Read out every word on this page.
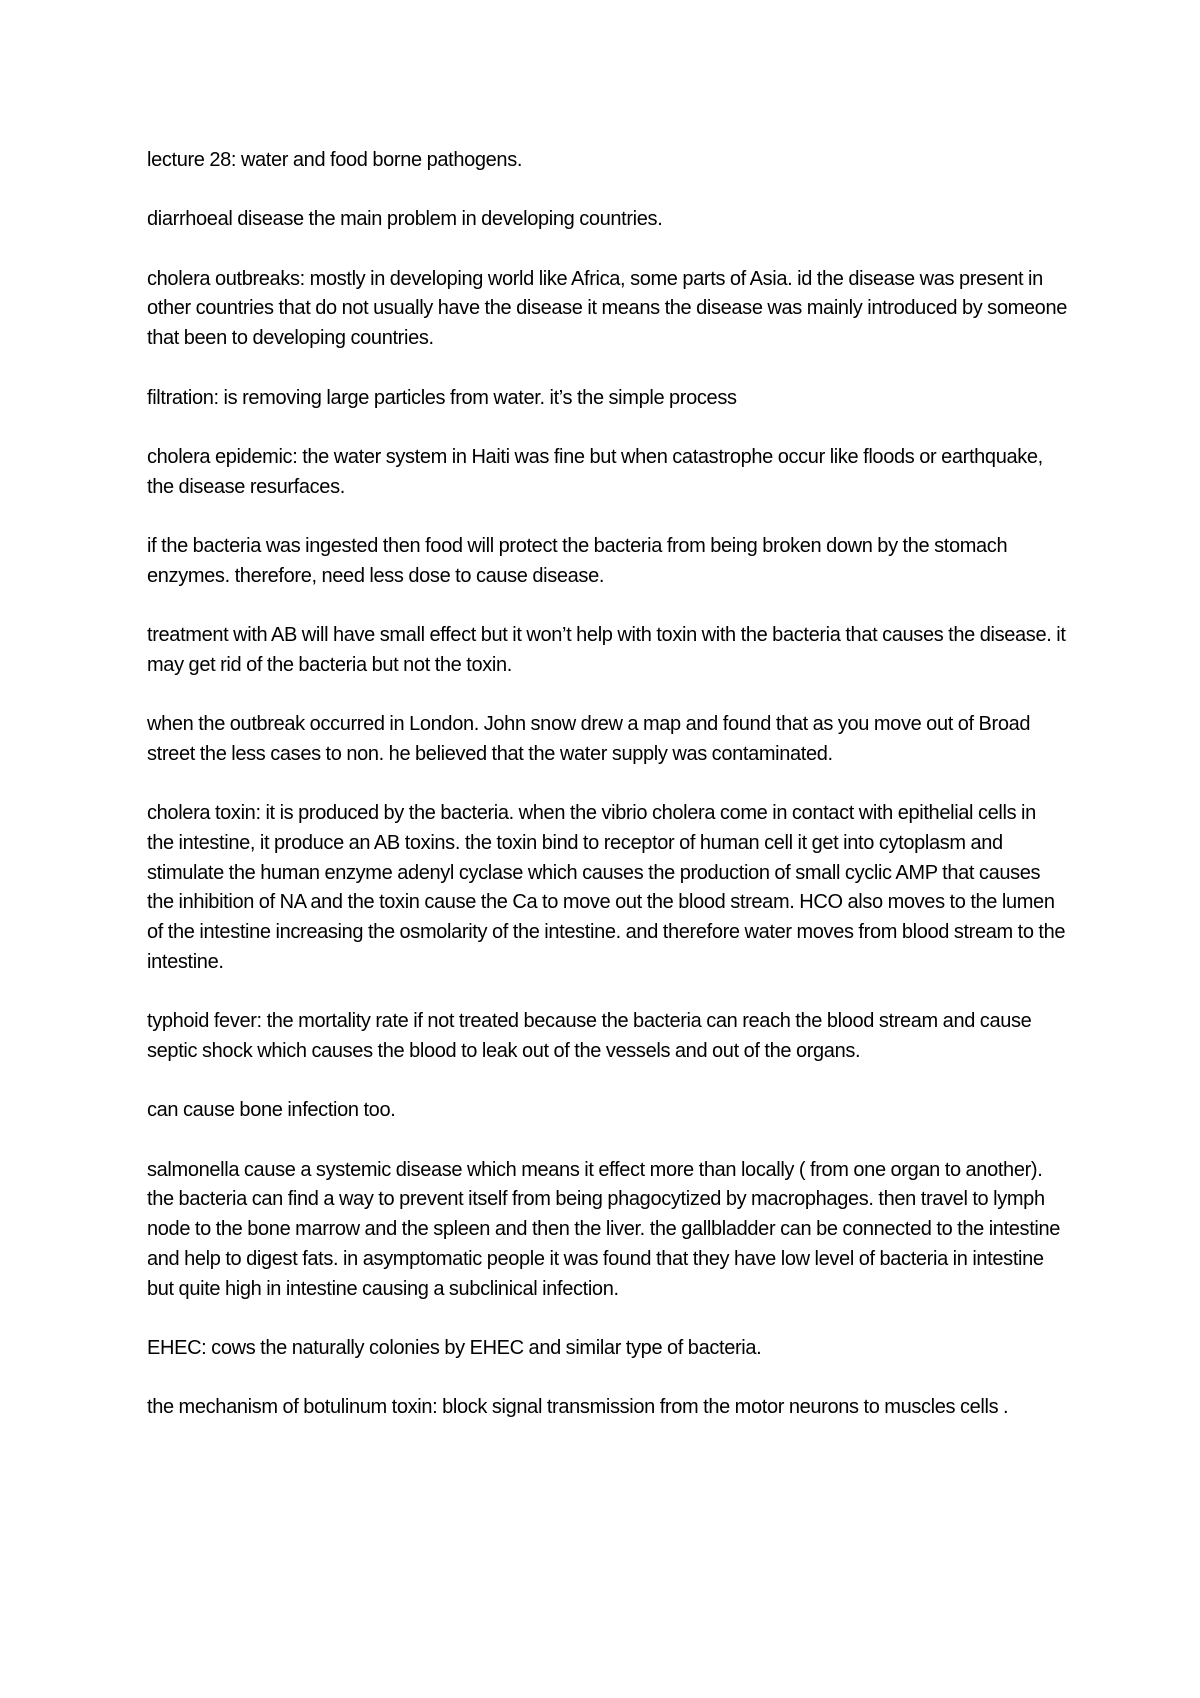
lecture 28: water and food borne pathogens.

diarrhoeal disease the main problem in developing countries.

cholera outbreaks: mostly in developing world like Africa, some parts of Asia. id the disease was present in other countries that do not usually have the disease it means the disease was mainly introduced by someone that been to developing countries.

filtration: is removing large particles from water. it’s the simple process

cholera epidemic: the water system in Haiti was fine but when catastrophe occur like floods or earthquake, the disease resurfaces.

if the bacteria was ingested then food will protect the bacteria from being broken down by the stomach enzymes. therefore, need less dose to cause disease.

treatment with AB will have small effect but it won’t help with toxin with the bacteria that causes the disease. it may get rid of the bacteria but not the toxin.

when the outbreak occurred in London. John snow drew a map and found that as you move out of Broad street the less cases to non. he believed that the water supply was contaminated.

cholera toxin: it is produced by the bacteria. when the vibrio cholera come in contact with epithelial cells in the intestine, it produce an AB toxins. the toxin bind to receptor of human cell it get into cytoplasm and stimulate the human enzyme adenyl cyclase which causes the production of small cyclic AMP that causes the inhibition of NA and the toxin cause the Ca to move out the blood stream. HCO also moves to the lumen of the intestine increasing the osmolarity of the intestine. and therefore water moves from blood stream to the intestine.

typhoid fever: the mortality rate if not treated because the bacteria can reach the blood stream and cause septic shock which causes the blood to leak out of the vessels and out of the organs.

can cause bone infection too.

salmonella cause a systemic disease which means it effect more than locally ( from one organ to another). the bacteria can find a way to prevent itself from being phagocytized by macrophages. then travel to lymph node to the bone marrow and the spleen and then the liver. the gallbladder can be connected to the intestine and help to digest fats. in asymptomatic people it was found that they have low level of bacteria in intestine but quite high in intestine causing a subclinical infection.

EHEC: cows the naturally colonies by EHEC and similar type of bacteria.

the mechanism of botulinum toxin: block signal transmission from the motor neurons to muscles cells .
